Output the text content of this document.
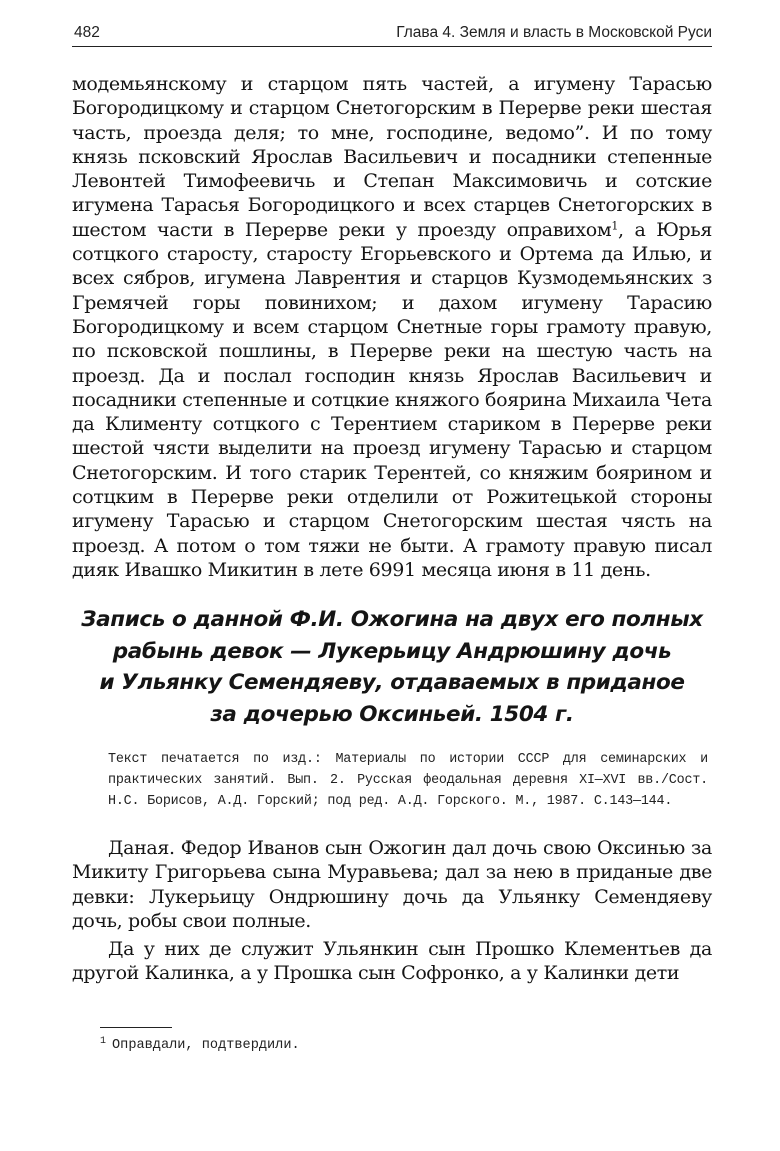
482	Глава 4. Земля и власть в Московской Руси

модемьянскому и старцом пять частей, а игумену Тарасью Богородицкому и старцом Снетогорским в Перерве реки шестая часть, проезда деля; то мне, господине, ведомо”. И по тому князь псковский Ярослав Васильевич и посадники степенные Левонтей Тимофеевичь и Степан Максимовичь и сотские игумена Тарасья Богородицкого и всех старцев Снетогорских в шестом части в Перерве реки у проезду оправихом$^1$, а Юрья сотцкого старосту, старосту Егорьевского и Ортема да Илью, и всех сябров, игумена Лаврентия и старцов Кузмодемьянских з Гремячей горы повинихом; и дахом игумену Тарасию Богородицкому и всем старцом Снетные горы грамоту правую, по псковской пошлины, в Перерве реки на шестую часть на проезд. Да и послал господин князь Ярослав Васильевич и посадники степенные и сотцкие княжого боярина Михаила Чета да Клименту сотцкого с Терентием стариком в Перерве реки шестой чясти выделити на проезд игумену Тарасью и старцом Снетогорским. И того старик Терентей, со княжим боярином и сотцким в Перерве реки отделили от Рожитецькой стороны игумену Тарасью и старцом Снетогорским шестая чясть на проезд. А потом о том тяжи не быти. А грамоту правую писал дияк Ивашко Микитин в лете 6991 месяца июня в 11 день.

Запись о данной Ф.И. Ожогина на двух его полных
рабынь девок — Лукерьицу Андрюшину дочь
и Ульянку Семендяеву, отдаваемых в приданое
за дочерью Оксиньей. 1504 г.
Текст печатается по изд.: Материалы по истории СССР для семинарских и практических занятий. Вып. 2. Русская феодальная деревня XI—XVI вв./Сост. Н.С. Борисов, А.Д. Горский; под ред. А.Д. Горского. М., 1987. С.143—144.

Даная. Федор Иванов сын Ожогин дал дочь свою Оксинью за Микиту Григорьева сына Муравьева; дал за нею в приданые две девки: Лукерьицу Ондрюшину дочь да Ульянку Семендяеву дочь, робы свои полные.

Да у них де служит Ульянкин сын Прошко Клементьев да другой Калинка, а у Прошка сын Софронко, а у Калинки дети

$^1$ Оправдали, подтвердили.
